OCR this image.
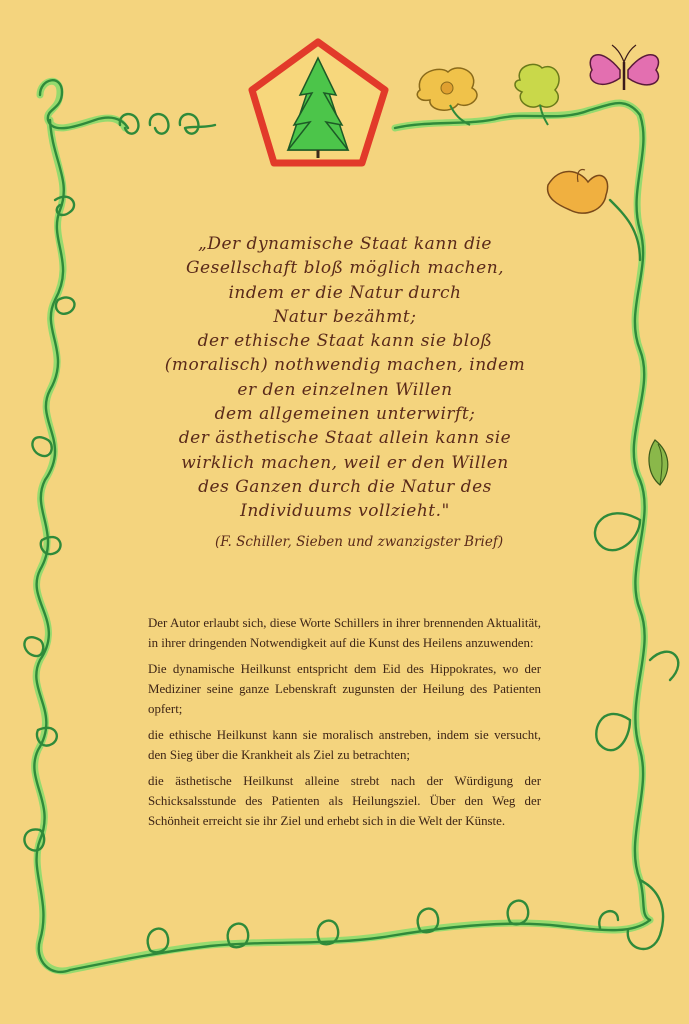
„Der dynamische Staat kann die
Gesellschaft bloß möglich machen,
indem er die Natur durch
Natur bezähmt;
der ethische Staat kann sie bloß
(moralisch) nothwendig machen, indem
er den einzelnen Willen
dem allgemeinen unterwirft;
der ästhetische Staat allein kann sie
wirklich machen, weil er den Willen
des Ganzen durch die Natur des
Individuums vollzieht."
(F. Schiller, Sieben und zwanzigster Brief)

Der Autor erlaubt sich, diese Worte Schillers in ihrer brennenden Aktualität, in ihrer dringenden Notwendigkeit auf die Kunst des Heilens anzuwenden:

Die dynamische Heilkunst entspricht dem Eid des Hippokrates, wo der Mediziner seine ganze Lebenskraft zugunsten der Heilung des Patienten opfert;

die ethische Heilkunst kann sie moralisch anstreben, indem sie versucht, den Sieg über die Krankheit als Ziel zu betrachten;

die ästhetische Heilkunst alleine strebt nach der Würdigung der Schicksalsstunde des Patienten als Heilungsziel. Über den Weg der Schönheit erreicht sie ihr Ziel und erhebt sich in die Welt der Künste.
